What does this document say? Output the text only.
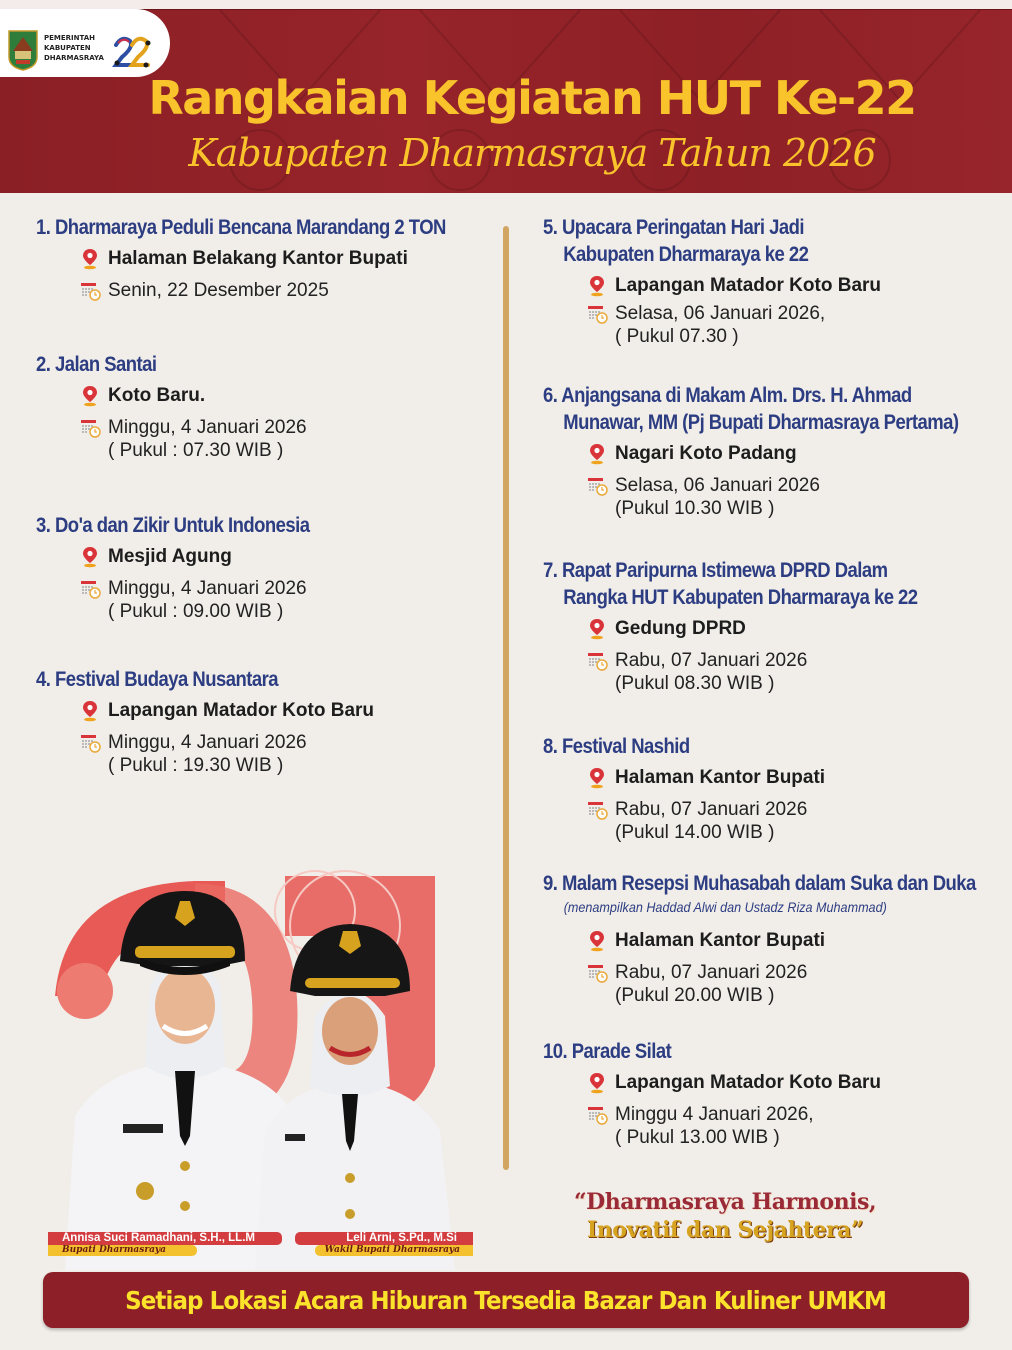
PEMERINTAH
KABUPATEN
DHARMASRAYA
Rangkaian Kegiatan HUT Ke-22
Kabupaten Dharmasraya Tahun 2026
1. Dharmaraya Peduli Bencana Marandang 2 TON
Halaman Belakang Kantor Bupati
Senin, 22 Desember 2025
2. Jalan Santai
Koto Baru.
Minggu, 4 Januari 2026
( Pukul : 07.30 WIB )
3. Do'a dan Zikir Untuk Indonesia
Mesjid Agung
Minggu, 4 Januari 2026
( Pukul : 09.00 WIB )
4. Festival Budaya Nusantara
Lapangan Matador Koto Baru
Minggu, 4 Januari 2026
( Pukul : 19.30 WIB )
5. Upacara Peringatan Hari Jadi
Kabupaten Dharmaraya ke 22
Lapangan Matador Koto Baru
Selasa, 06 Januari 2026,
( Pukul 07.30 )
6. Anjangsana di Makam Alm. Drs. H. Ahmad
Munawar, MM (Pj Bupati Dharmasraya Pertama)
Nagari Koto Padang
Selasa, 06 Januari 2026
(Pukul 10.30 WIB )
7. Rapat Paripurna Istimewa DPRD Dalam
Rangka HUT Kabupaten Dharmaraya ke 22
Gedung DPRD
Rabu, 07 Januari 2026
(Pukul 08.30 WIB )
8. Festival Nashid
Halaman Kantor Bupati
Rabu, 07 Januari 2026
(Pukul 14.00 WIB )
9. Malam Resepsi Muhasabah dalam Suka dan Duka
(menampilkan Haddad Alwi dan Ustadz Riza Muhammad)
Halaman Kantor Bupati
Rabu, 07 Januari 2026
(Pukul 20.00 WIB )
10. Parade Silat
Lapangan Matador Koto Baru
Minggu 4 Januari 2026,
( Pukul 13.00 WIB )
Annisa Suci Ramadhani, S.H., LL.M
Bupati Dharmasraya
Leli Arni, S.Pd., M.Si
Wakil Bupati Dharmasraya
“Dharmasraya Harmonis,
Inovatif dan Sejahtera”
Setiap Lokasi Acara Hiburan Tersedia Bazar Dan Kuliner UMKM
